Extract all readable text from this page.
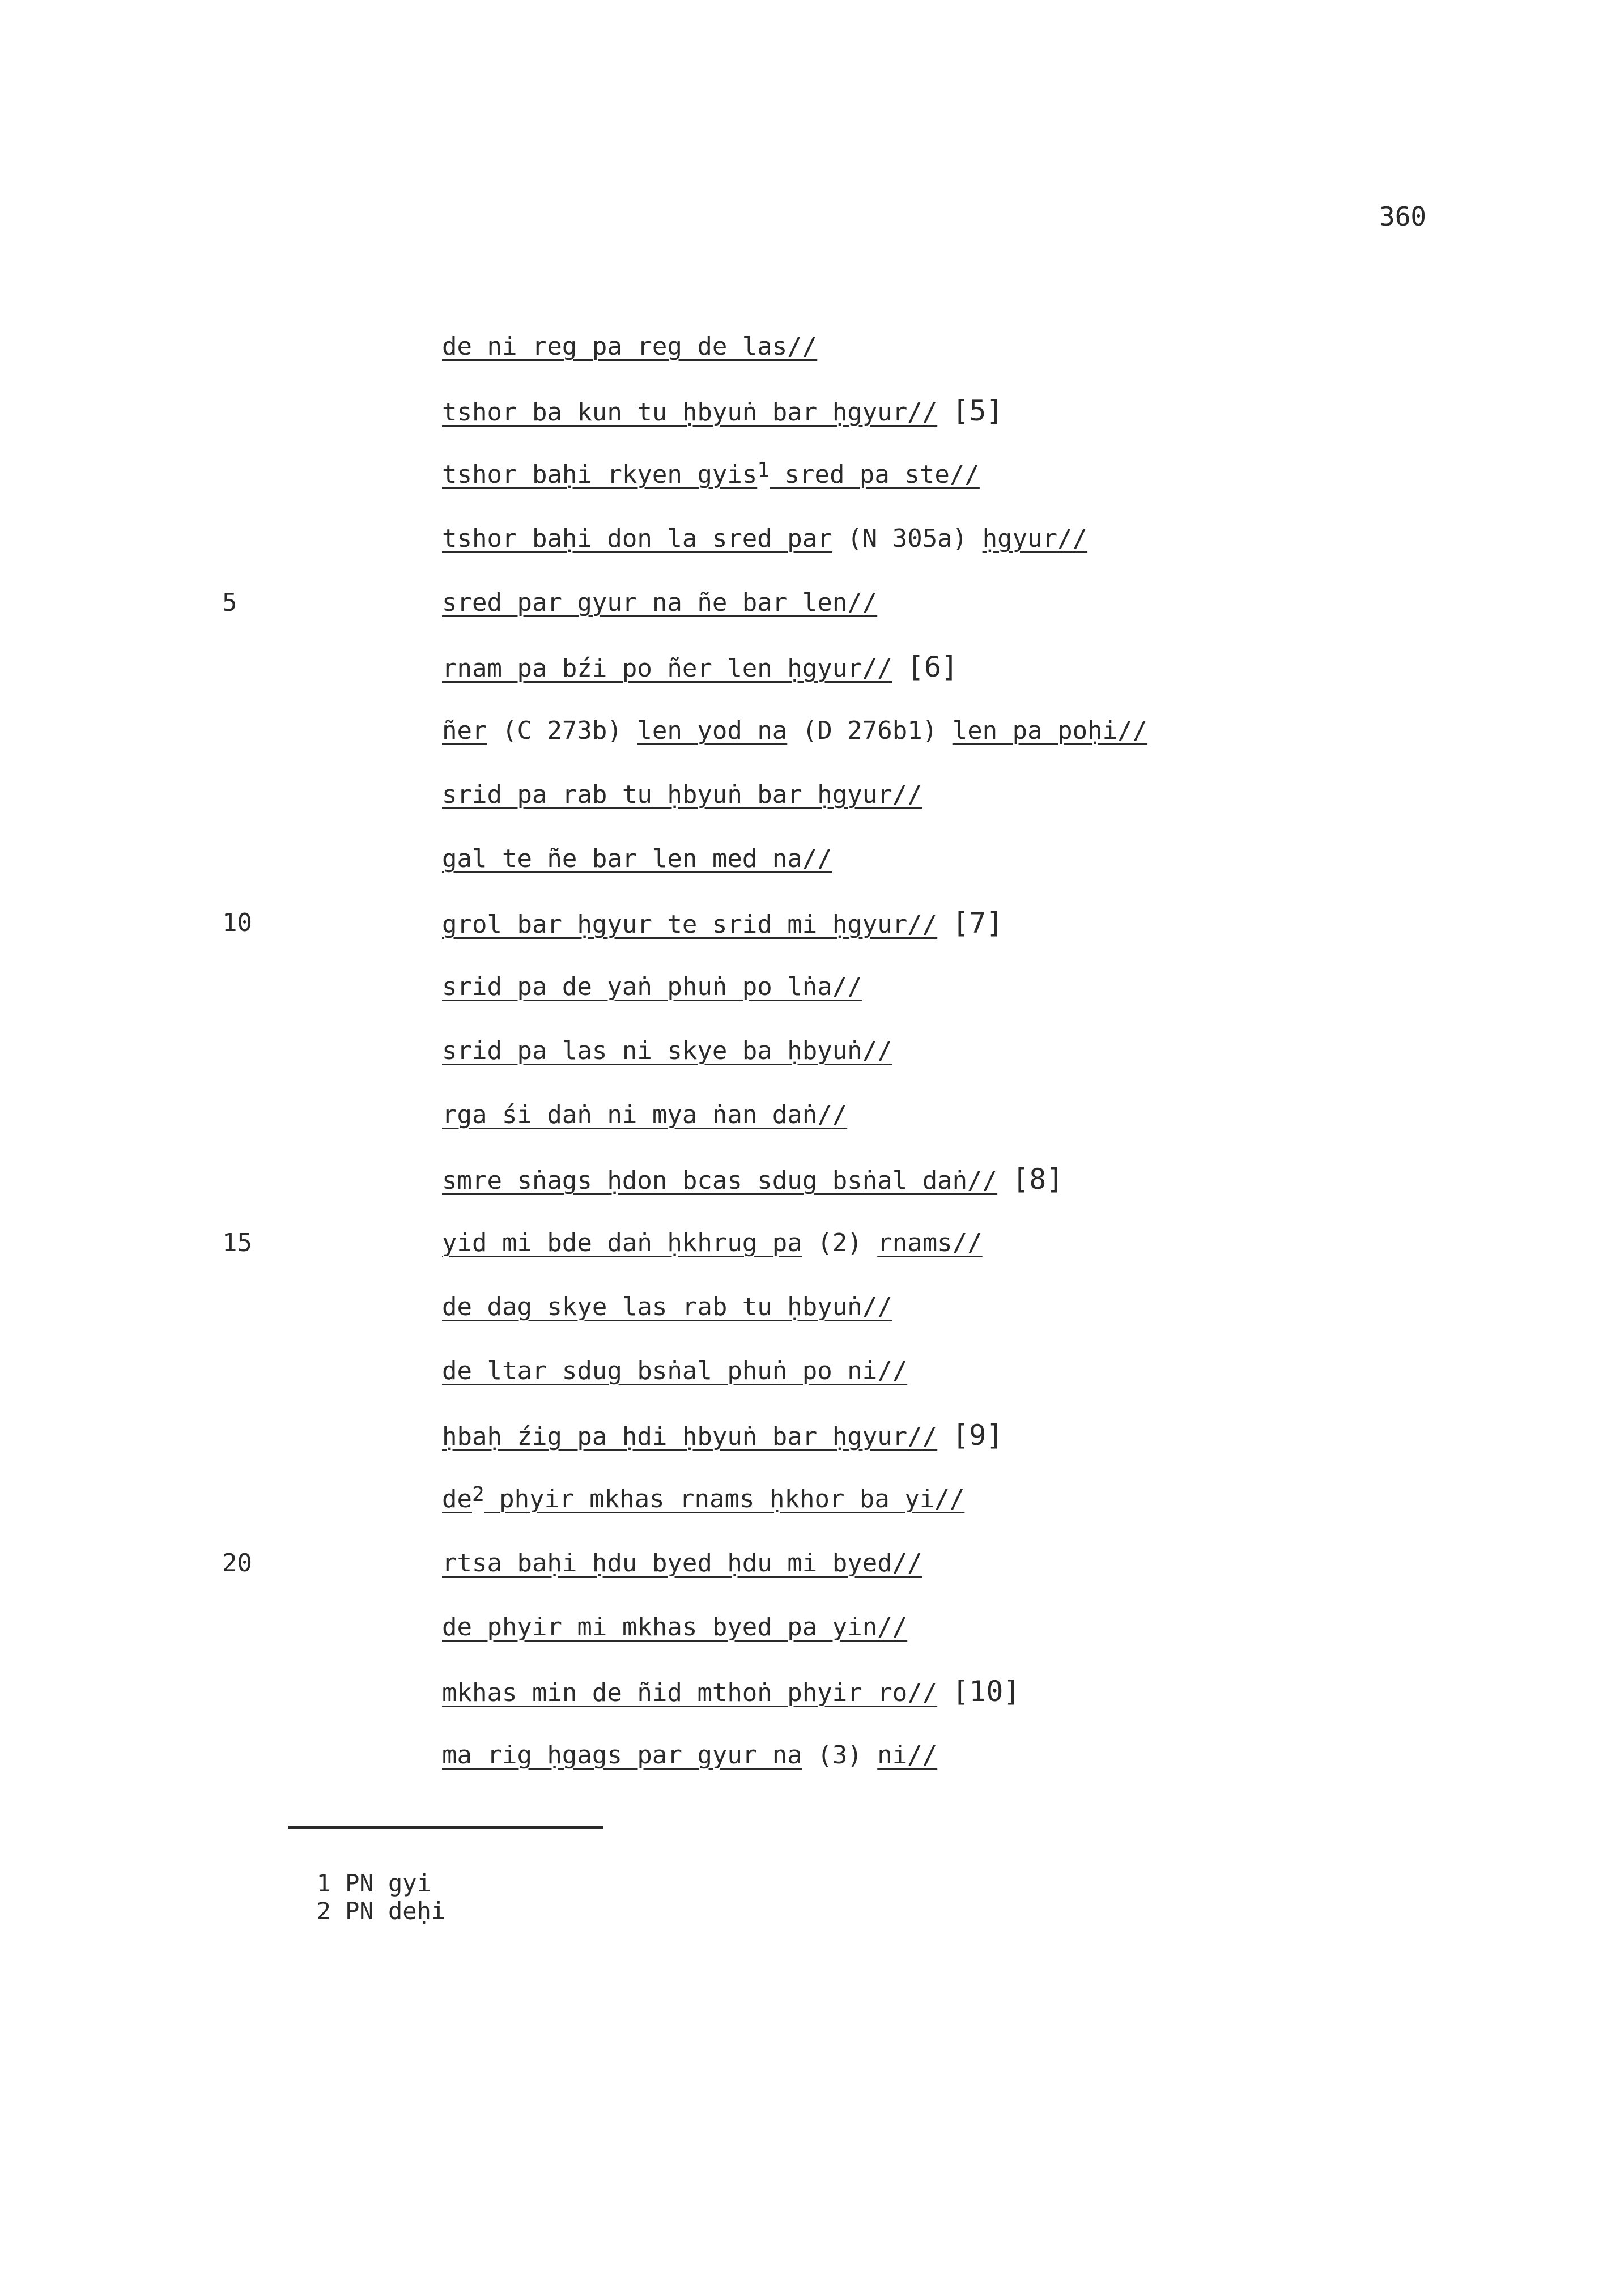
360
de ni reg pa reg de las//
tshor ba kun tu ḥbyuṅ bar ḥgyur// [5]
tshor baḥi rkyen gyis$^1$ sred pa ste//
tshor baḥi don la sred par (N 305a) ḥgyur//
sred par gyur na ñe bar len//
rnam pa bźi po ñer len ḥgyur// [6]
ñer (C 273b) len yod na (D 276b1) len pa poḥi//
srid pa rab tu ḥbyuṅ bar ḥgyur//
gal te ñe bar len med na//
grol bar ḥgyur te srid mi ḥgyur// [7]
srid pa de yaṅ phuṅ po lṅa//
srid pa las ni skye ba ḥbyuṅ//
rga śi daṅ ni mya ṅan daṅ//
smre sṅags ḥdon bcas sdug bsṅal daṅ// [8]
yid mi bde daṅ ḥkhrug pa (2) rnams//
de dag skye las rab tu ḥbyuṅ//
de ltar sdug bsṅal phuṅ po ni//
ḥbaḥ źig pa ḥdi ḥbyuṅ bar ḥgyur// [9]
$de^2$ phyir mkhas rnams ḥkhor ba yi//
rtsa baḥi ḥdu byed ḥdu mi byed//
de phyir mi mkhas byed pa yin//
mkhas min de ñid mthoṅ phyir ro// [10]
ma rig ḥgags par gyur na (3) ni//
5
10
15
20

1 PN gyi
2 PN deḥi
